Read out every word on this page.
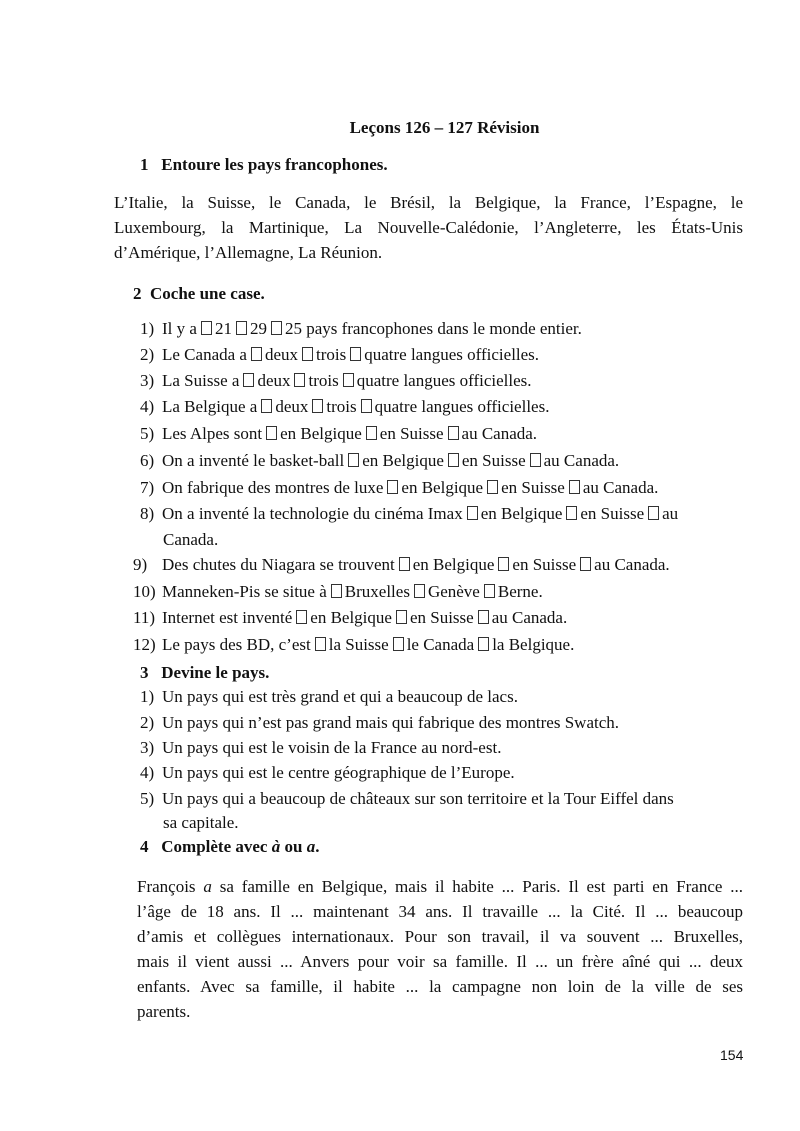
Leçons 126 – 127 Révision
1 Entoure les pays francophones.
L’Italie, la Suisse, le Canada, le Brésil, la Belgique, la France, l’Espagne, le
Luxembourg, la Martinique, La Nouvelle-Calédonie, l’Angleterre, les États-Unis
d’Amérique, l’Allemagne, La Réunion.
2 Coche une case.
1) Il y a 21 29 25 pays francophones dans le monde entier.
2) Le Canada a deux trois quatre langues officielles.
3) La Suisse a deux trois quatre langues officielles.
4) La Belgique a deux trois quatre langues officielles.
5) Les Alpes sont en Belgique en Suisse au Canada.
6) On a inventé le basket-ball en Belgique en Suisse au Canada.
7) On fabrique des montres de luxe en Belgique en Suisse au Canada.
8) On a inventé la technologie du cinéma Imax en Belgique en Suisse au
Canada.
9) Des chutes du Niagara se trouvent en Belgique en Suisse au Canada.
10) Manneken-Pis se situe à Bruxelles Genève Berne.
11) Internet est inventé en Belgique en Suisse au Canada.
12) Le pays des BD, c’est la Suisse le Canada la Belgique.
3 Devine le pays.
1) Un pays qui est très grand et qui a beaucoup de lacs.
2) Un pays qui n’est pas grand mais qui fabrique des montres Swatch.
3) Un pays qui est le voisin de la France au nord-est.
4) Un pays qui est le centre géographique de l’Europe.
5) Un pays qui a beaucoup de châteaux sur son territoire et la Tour Eiffel dans
sa capitale.
4 Complète avec à ou a.
François a sa famille en Belgique, mais il habite ... Paris. Il est parti en France ...
l’âge de 18 ans. Il ... maintenant 34 ans. Il travaille ... la Cité. Il ... beaucoup
d’amis et collègues internationaux. Pour son travail, il va souvent ... Bruxelles,
mais il vient aussi ... Anvers pour voir sa famille. Il ... un frère aîné qui ... deux
enfants. Avec sa famille, il habite ... la campagne non loin de la ville de ses
parents.
154
